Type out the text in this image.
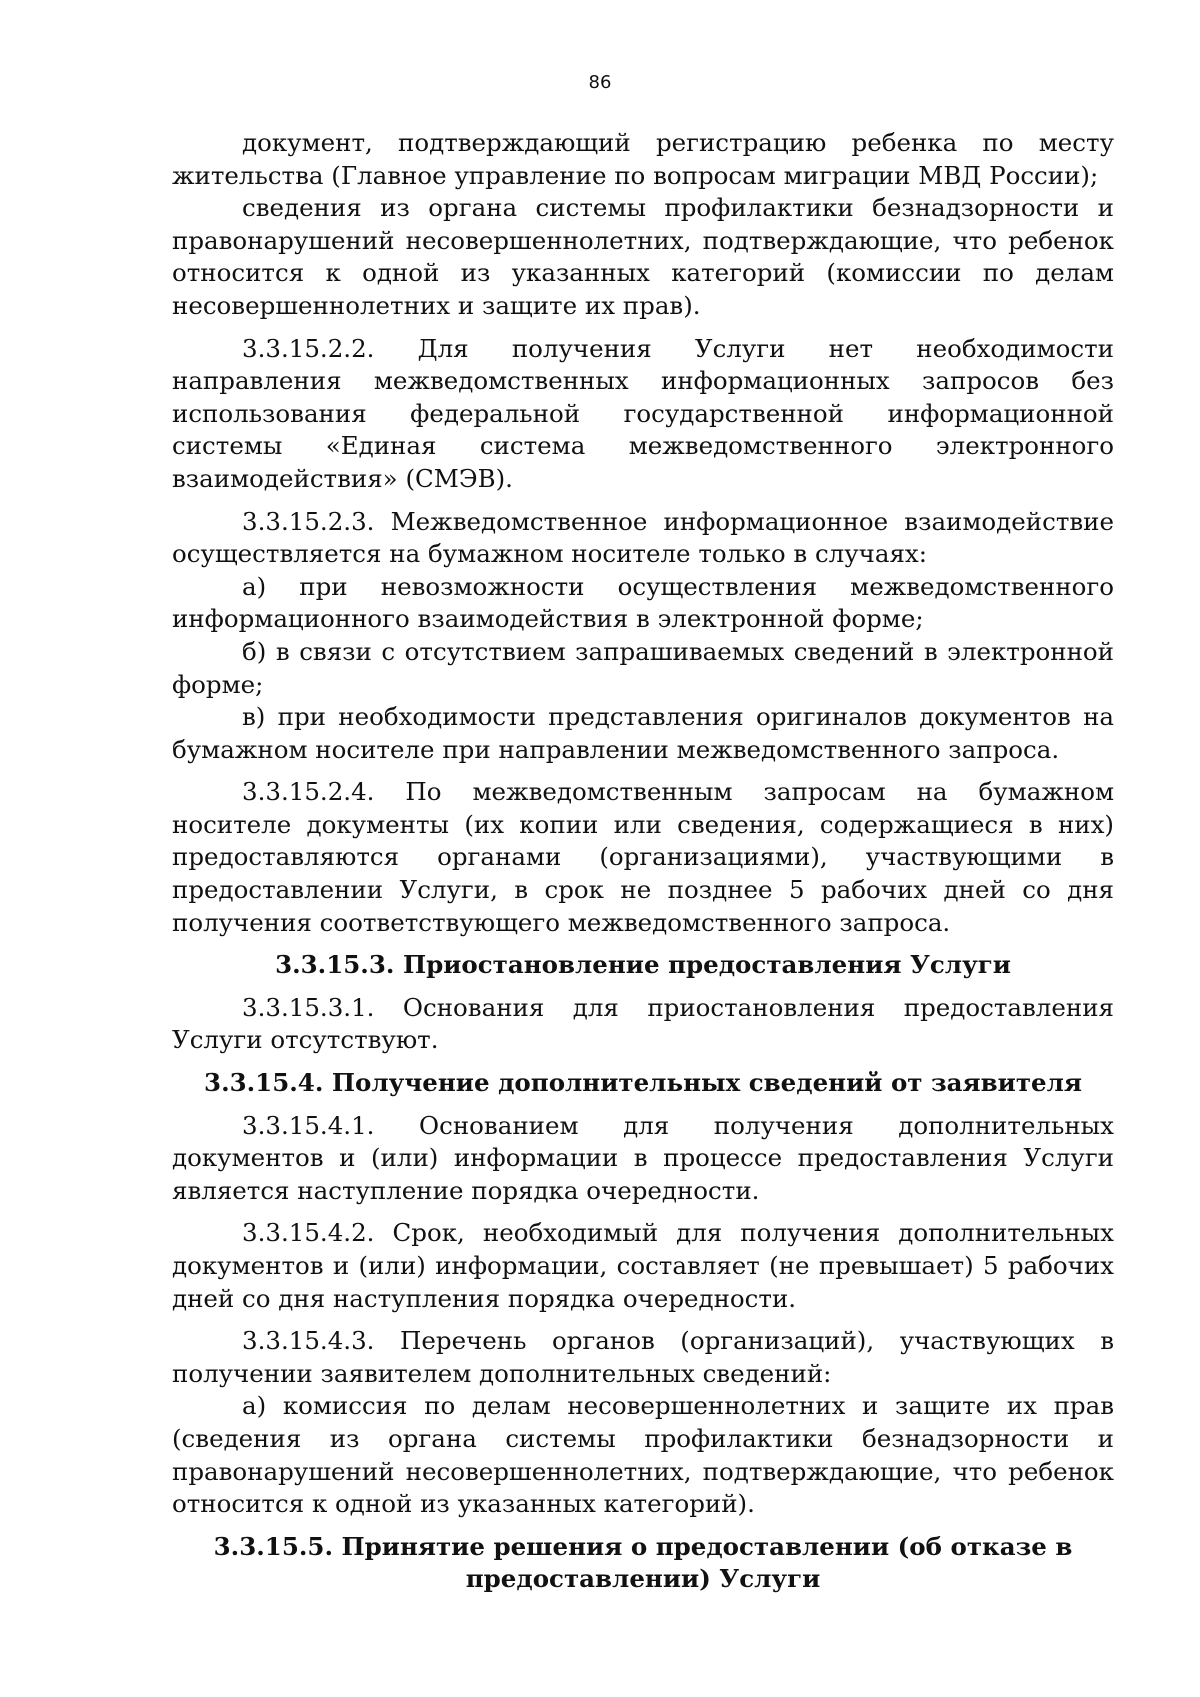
86

документ, подтверждающий регистрацию ребенка по месту жительства (Главное управление по вопросам миграции МВД России);

сведения из органа системы профилактики безнадзорности и правонарушений несовершеннолетних, подтверждающие, что ребенок относится к одной из указанных категорий (комиссии по делам несовершеннолетних и защите их прав).

3.3.15.2.2. Для получения Услуги нет необходимости направления межведомственных информационных запросов без использования федеральной государственной информационной системы «Единая система межведомственного электронного взаимодействия» (СМЭВ).

3.3.15.2.3. Межведомственное информационное взаимодействие осуществляется на бумажном носителе только в случаях:

а) при невозможности осуществления межведомственного информационного взаимодействия в электронной форме;

б) в связи с отсутствием запрашиваемых сведений в электронной форме;

в) при необходимости представления оригиналов документов на бумажном носителе при направлении межведомственного запроса.

3.3.15.2.4. По межведомственным запросам на бумажном носителе документы (их копии или сведения, содержащиеся в них) предоставляются органами (организациями), участвующими в предоставлении Услуги, в срок не позднее 5 рабочих дней со дня получения соответствующего межведомственного запроса.

3.3.15.3. Приостановление предоставления Услуги

3.3.15.3.1. Основания для приостановления предоставления Услуги отсутствуют.

3.3.15.4. Получение дополнительных сведений от заявителя

3.3.15.4.1. Основанием для получения дополнительных документов и (или) информации в процессе предоставления Услуги является наступление порядка очередности.

3.3.15.4.2. Срок, необходимый для получения дополнительных документов и (или) информации, составляет (не превышает) 5 рабочих дней со дня наступления порядка очередности.

3.3.15.4.3. Перечень органов (организаций), участвующих в получении заявителем дополнительных сведений:

а) комиссия по делам несовершеннолетних и защите их прав (сведения из органа системы профилактики безнадзорности и правонарушений несовершеннолетних, подтверждающие, что ребенок относится к одной из указанных категорий).

3.3.15.5. Принятие решения о предоставлении (об отказе в
предоставлении) Услуги
